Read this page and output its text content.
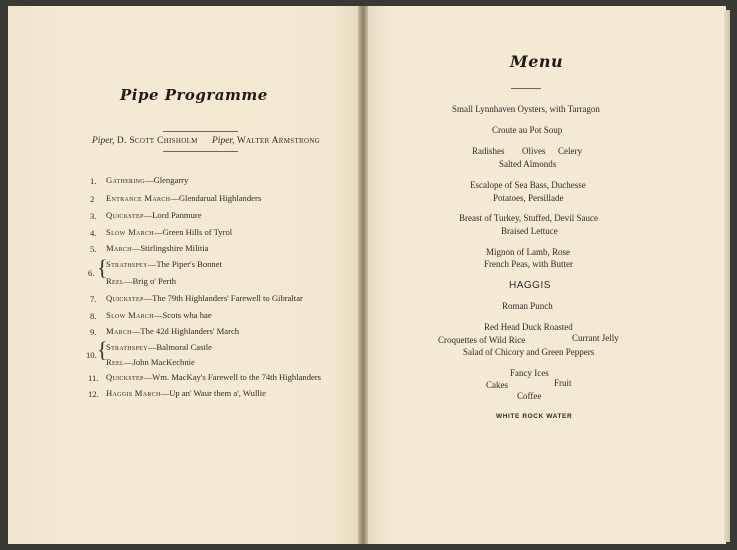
Pipe Programme
Piper, D. Scott Chisholm Piper, Walter Armstrong
1. Gathering—Glengarry
2 Entrance March—Glendarual Highlanders
3. Quickstep—Lord Panmure
4. Slow March—Green Hills of Tyrol
5. March—Stirlingshire Militia
6. {
Strathspey—The Piper's Bonnet
Reel—Brig o' Perth
7. Quickstep—The 79th Highlanders' Farewell to Gibraltar
8. Slow March—Scots wha hae
9. March—The 42d Highlanders' March
10. {
Strathspey—Balmoral Castle
Reel—John MacKechnie
11. Quickstep—Wm. MacKay's Farewell to the 74th Highlanders
12. Haggis March—Up an' Waur them a', Wullie
Menu
Small Lynnhaven Oysters, with Tarragon
Croute au Pot Soup
Radishes Olives Celery
Salted Almonds
Escalope of Sea Bass, Duchesse
Potatoes, Persillade
Breast of Turkey, Stuffed, Devil Sauce
Braised Lettuce
Mignon of Lamb, Rose
French Peas, with Butter
HAGGIS
Roman Punch
Red Head Duck Roasted
Croquettes of Wild Rice	Currant Jelly
Salad of Chicory and Green Peppers
Fancy Ices
Cakes	Fruit
Coffee
WHITE ROCK WATER
